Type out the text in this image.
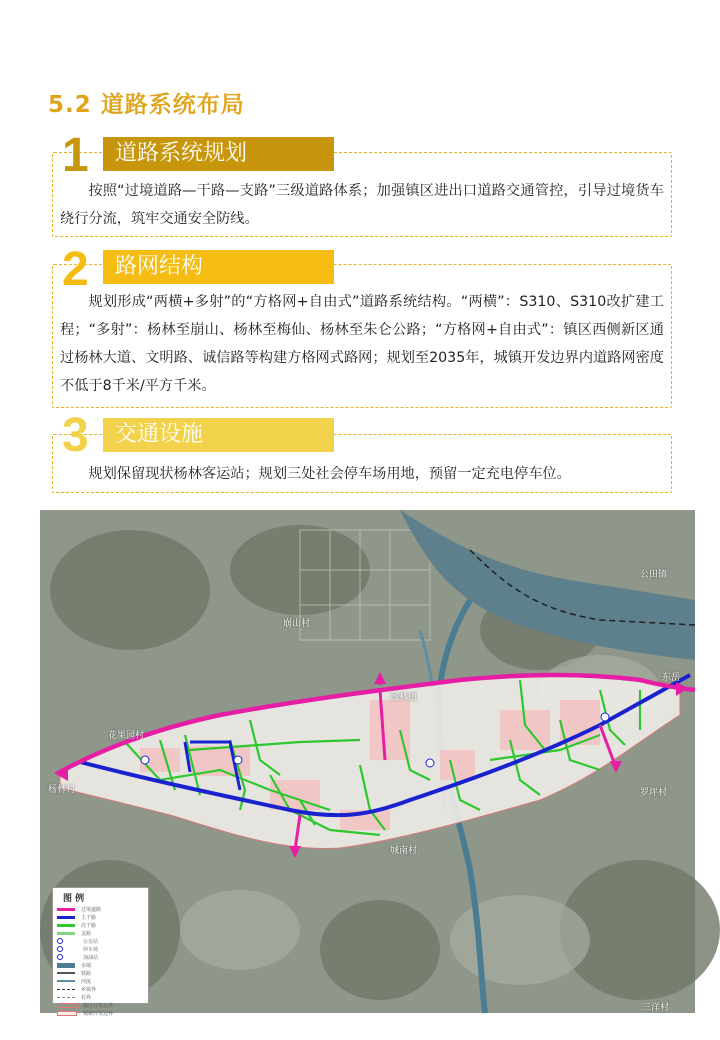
5.2 道路系统布局
1	道路系统规划
按照“过境道路—干路—支路”三级道路体系；加强镇区进出口道路交通管控，引导过境货车绕行分流，筑牢交通安全防线。
2	路网结构
规划形成“两横+多射”的“方格网+自由式”道路系统结构。“两横”：S310、S310改扩建工程；“多射”：杨林至崩山、杨林至梅仙、杨林至朱仑公路；“方格网+自由式”：镇区西侧新区通过杨林大道、文明路、诚信路等构建方格网式路网；规划至2035年，城镇开发边界内道路网密度不低于8千米/平方千米。
3	交通设施
规划保留现状杨林客运站；规划三处社会停车场用地，预留一定充电停车位。
公田镇
崩山村
东岳
花果园村
杨林镇
杨林村
城南村
三洋村
罗坪村
图 例
过境道路
主干路
次干路
支路
公交站
停车场
加油站
水域
铁路
河流
乡镇界
村界
镇区开发边界
城镇开发边界
